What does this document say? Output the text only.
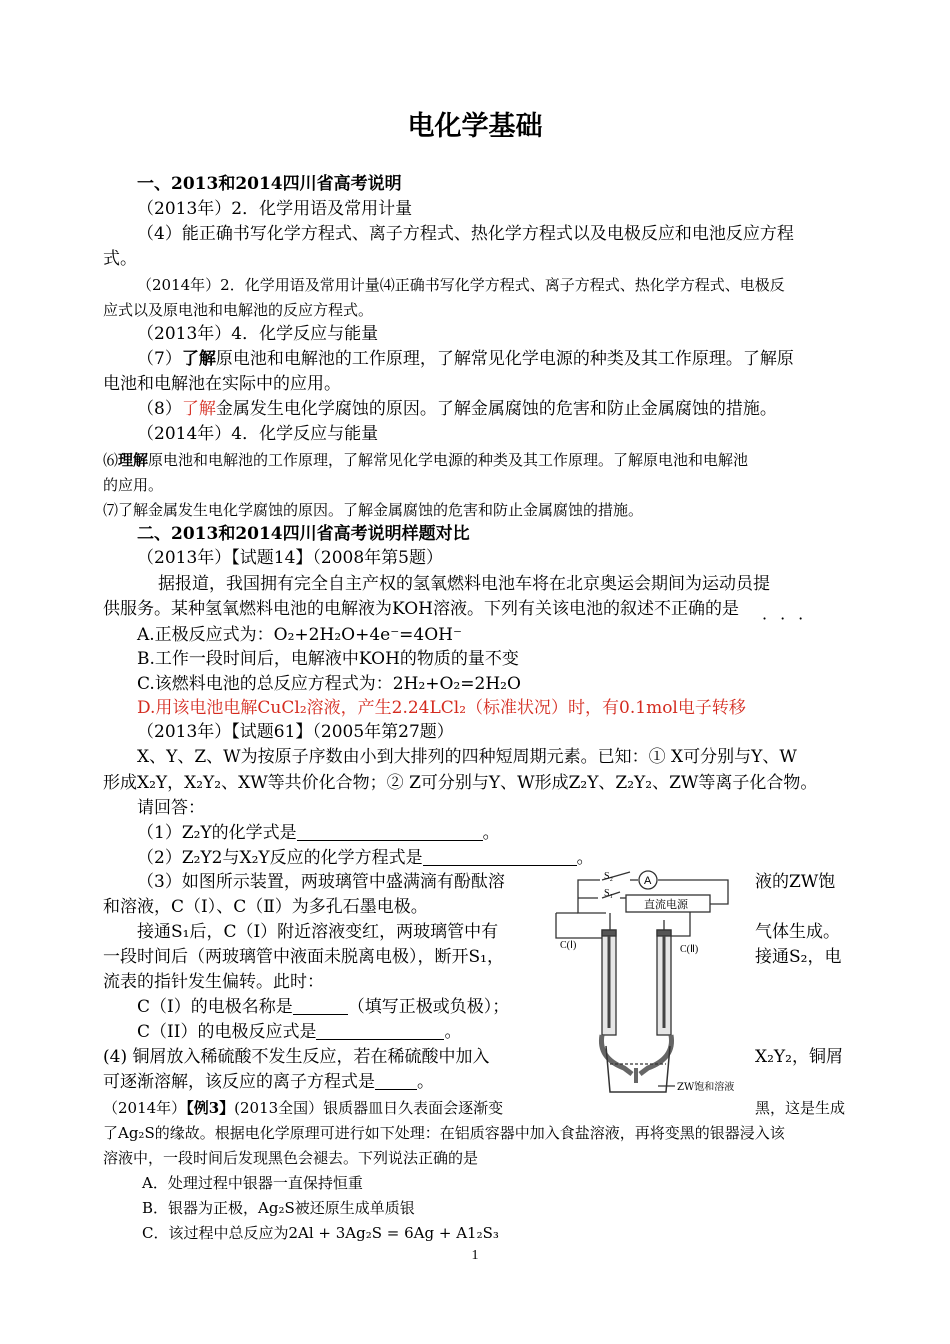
电化学基础
一、2013和2014四川省高考说明
（2013年）2．化学用语及常用计量
（4）能正确书写化学方程式、离子方程式、热化学方程式以及电极反应和电池反应方程
式。
（2014年）2．化学用语及常用计量⑷正确书写化学方程式、离子方程式、热化学方程式、电极反
应式以及原电池和电解池的反应方程式。
（2013年）4．化学反应与能量
（7）了解原电池和电解池的工作原理，了解常见化学电源的种类及其工作原理。了解原
电池和电解池在实际中的应用。
（8）了解金属发生电化学腐蚀的原因。了解金属腐蚀的危害和防止金属腐蚀的措施。
（2014年）4．化学反应与能量
⑹理解原电池和电解池的工作原理，了解常见化学电源的种类及其工作原理。了解原电池和电解池
的应用。
⑺了解金属发生电化学腐蚀的原因。了解金属腐蚀的危害和防止金属腐蚀的措施。
二、2013和2014四川省高考说明样题对比
（2013年）【试题14】（2008年第5题）
据报道，我国拥有完全自主产权的氢氧燃料电池车将在北京奥运会期间为运动员提
供服务。某种氢氧燃料电池的电解液为KOH溶液。下列有关该电池的叙述不正确的是 ···
A.正极反应式为：O₂+2H₂O+4e⁻=4OH⁻
B.工作一段时间后，电解液中KOH的物质的量不变
C.该燃料电池的总反应方程式为：2H₂+O₂=2H₂O
D.用该电池电解CuCl₂溶液，产生2.24LCl₂（标准状况）时，有0.1mol电子转移
（2013年）【试题61】（2005年第27题）
X、Y、Z、W为按原子序数由小到大排列的四种短周期元素。已知：① X可分别与Y、W
形成X₂Y，X₂Y₂、XW等共价化合物；② Z可分别与Y、W形成Z₂Y、Z₂Y₂、ZW等离子化合物。
请回答：
（1）Z₂Y的化学式是	。
（2）Z₂Y2与X₂Y反应的化学方程式是	。
（3）如图所示装置，两玻璃管中盛满滴有酚酞溶	液的ZW饱
和溶液，C（Ⅰ）、C（Ⅱ）为多孔石墨电极。
接通S₁后，C（Ⅰ）附近溶液变红，两玻璃管中有	气体生成。
一段时间后（两玻璃管中液面未脱离电极），断开S₁，	接通S₂，电
流表的指针发生偏转。此时：
C（I）的电极名称是	（填写正极或负极）；
C（II）的电极反应式是	。
(4) 铜屑放入稀硫酸不发生反应，若在稀硫酸中加入	X₂Y₂，铜屑
可逐渐溶解，该反应的离子方程式是 。
（2014年）【例3】(2013全国）银质器皿日久表面会逐渐变	黑，这是生成
了Ag₂S的缘故。根据电化学原理可进行如下处理：在铝质容器中加入食盐溶液，再将变黑的银器浸入该
溶液中，一段时间后发现黑色会褪去。下列说法正确的是
A．处理过程中银器一直保持恒重
B．银器为正极，Ag₂S被还原生成单质银
C．该过程中总反应为2Al + 3Ag₂S = 6Ag + A1₂S₃
A
S₂
S₁
直流电源
C(Ⅰ)	C(Ⅱ)
ZW饱和溶液
1
